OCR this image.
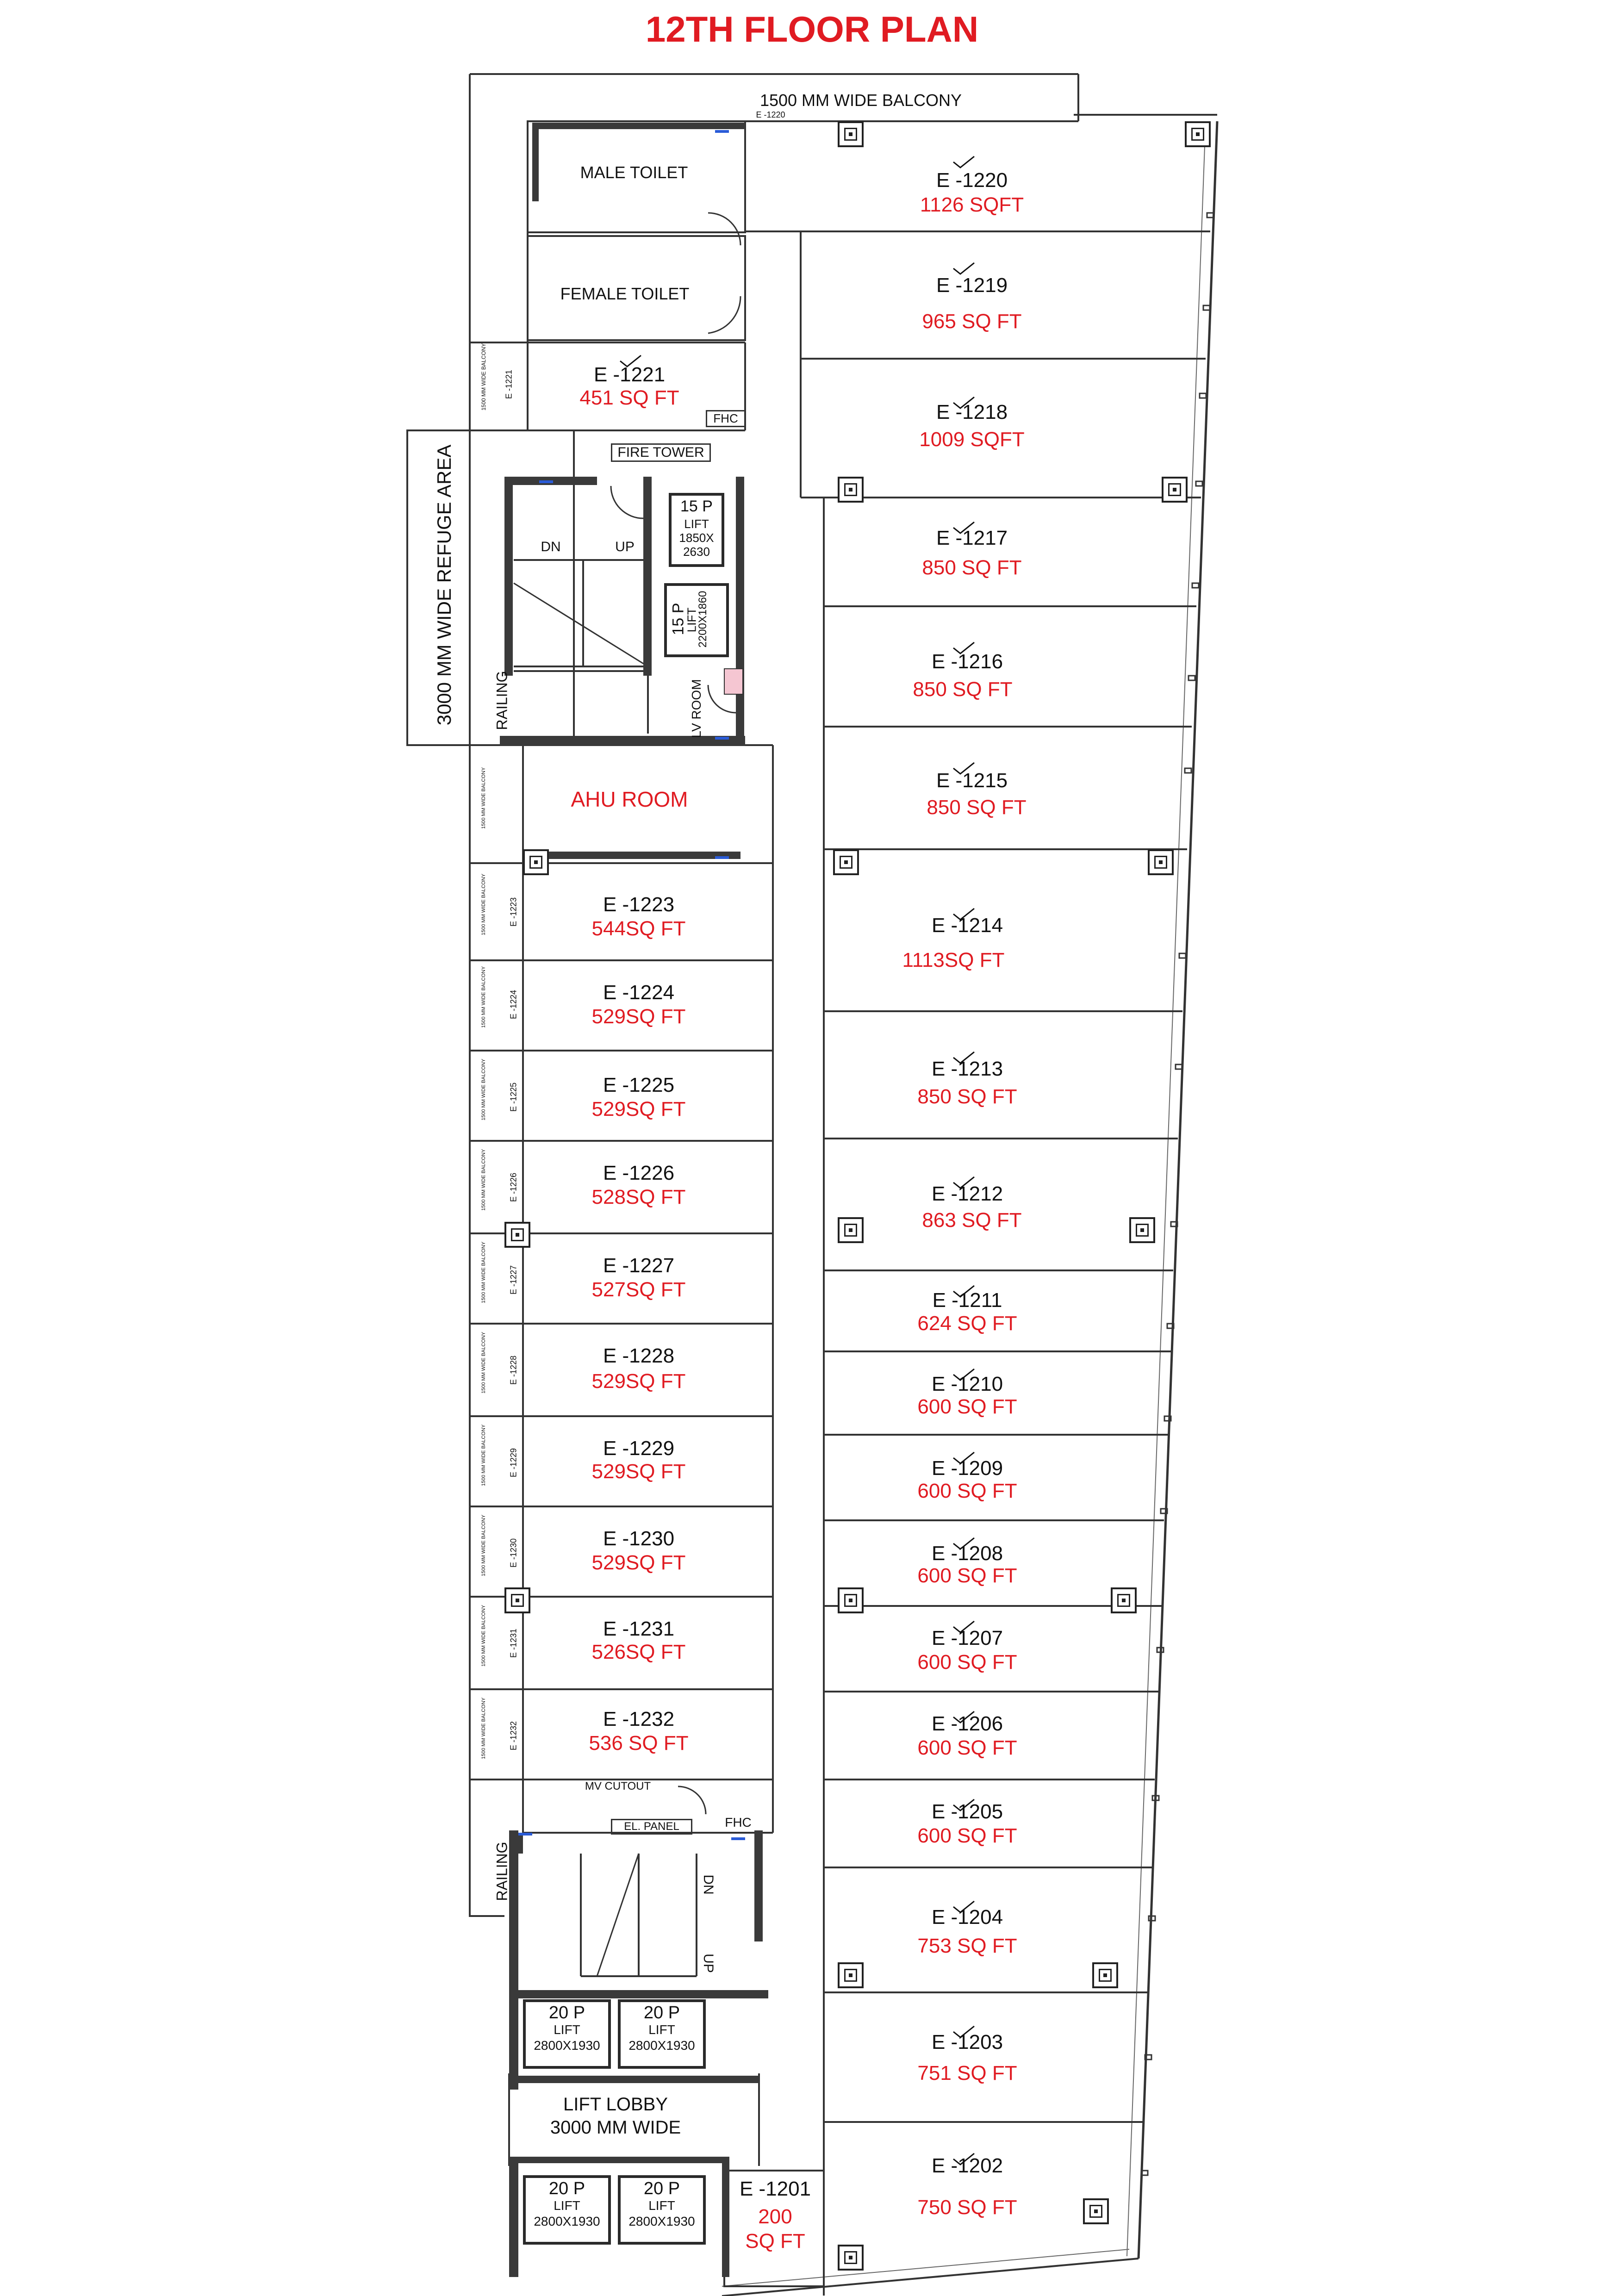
12TH FLOOR PLAN
1500 MM WIDE BALCONY
E -1220
MALE TOILET
FEMALE TOILET
FHC
E -1221
451 SQ FT
1500 MM WIDE BALCONY E -1221
FIRE TOWER
3000 MM WIDE REFUGE AREA	RAILING
DN	UP
15 P
LIFT
1850X
2630
15 P
LIFT
2200X1860
LV ROOM
AHU ROOM
E -1223
544SQ FT
E -1224
529SQ FT
E -1225
529SQ FT
E -1226
528SQ FT
E -1227
527SQ FT
E -1228
529SQ FT
E -1229
529SQ FT
E -1230
529SQ FT
E -1231
526SQ FT
E -1232
536 SQ FT
1500 MM WIDE BALCONY
1500 MM WIDE BALCONY	E -1223
1500 MM WIDE BALCONY	E -1224
1500 MM WIDE BALCONY	E -1225
1500 MM WIDE BALCONY	E -1226
1500 MM WIDE BALCONY	E -1227
1500 MM WIDE BALCONY	E -1228
1500 MM WIDE BALCONY	E -1229
1500 MM WIDE BALCONY	E -1230
1500 MM WIDE BALCONY	E -1231
1500 MM WIDE BALCONY	E -1232
MV CUTOUT
EL. PANEL	FHC
RAILING	DN
UP
20 P
LIFT
2800X1930
20 P
LIFT
2800X1930
LIFT LOBBY
3000 MM WIDE
20 P
LIFT
2800X1930
20 P
LIFT
2800X1930
E -1201
200
SQ FT
E -1220
1126 SQFT
E -1219
965 SQ FT
E -1218
1009 SQFT
E -1217
850 SQ FT
E -1216
850 SQ FT
E -1215
850 SQ FT
E -1214
1113SQ FT
E -1213
850 SQ FT
E -1212
863 SQ FT
E -1211
624 SQ FT
E -1210
600 SQ FT
E -1209
600 SQ FT
E -1208
600 SQ FT
E -1207
600 SQ FT
E -1206
600 SQ FT
E -1205
600 SQ FT
E -1204
753 SQ FT
E -1203
751 SQ FT
E -1202
750 SQ FT
